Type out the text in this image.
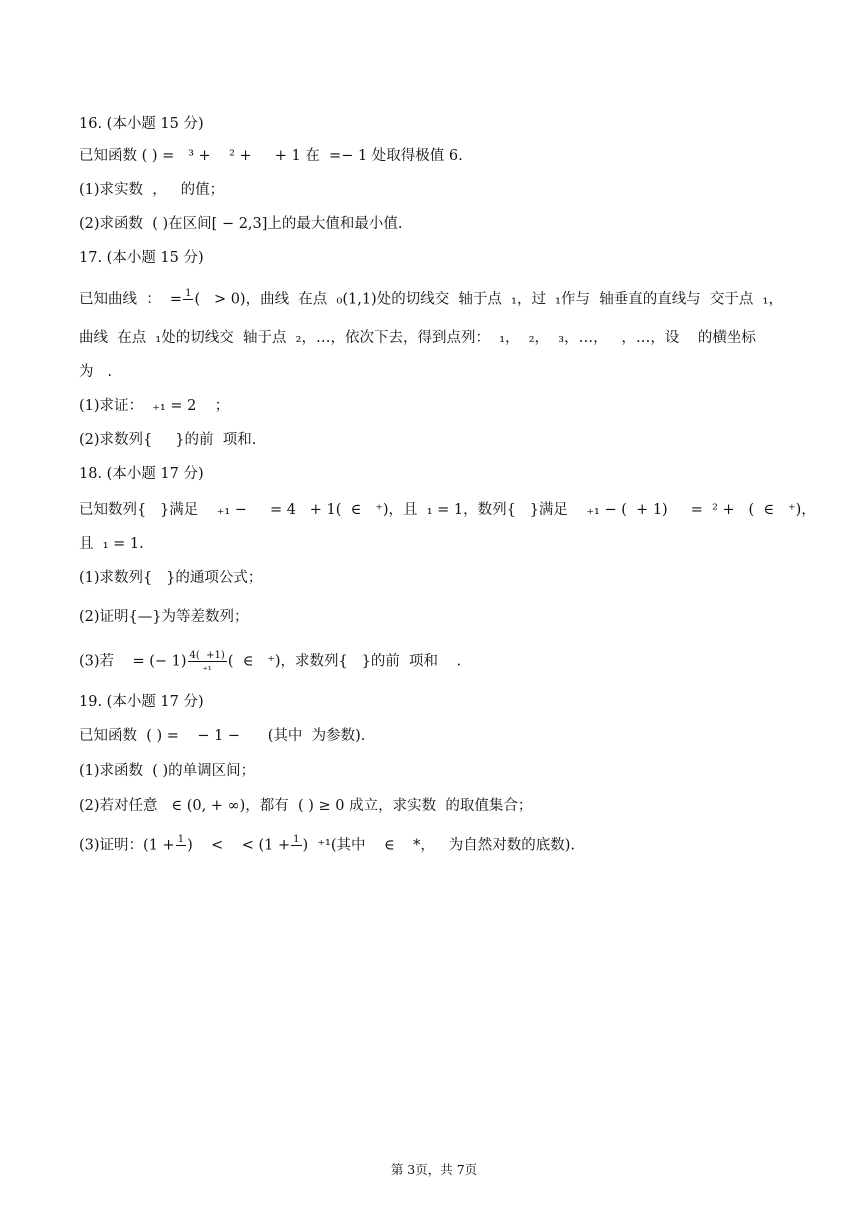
16. (本小题 15 分)
已知函数 ( ) =   ³ +    ² +     + 1 在  =− 1 处取得极值 6.
(1)求实数  ，   的值；
(2)求函数  ( )在区间[ − 2,3]上的最大值和最小值.
17. (本小题 15 分)
已知曲线  ：  = 1
(   > 0)，曲线  在点  ₀(1,1)处的切线交  轴于点  ₁，过  ₁作与  轴垂直的直线与  交于点  ₁，
曲线  在点  ₁处的切线交  轴于点  ₂，…，依次下去，得到点列：  ₁，  ₂，  ₃，…，   ，…，设    的横坐标
为   .
(1)求证：  ₊₁ = 2    ；
(2)求数列{     }的前  项和.
18. (本小题 17 分)
已知数列{   }满足    ₊₁ −     = 4   + 1(  ∈   ⁺)，且  ₁ = 1，数列{   }满足    ₊₁ − (  + 1)     =  ² +   (  ∈   ⁺)，
且  ₁ = 1.
(1)求数列{   }的通项公式；
(2)证明{—}为等差数列；
(3)若    = (− $1) \frac{4( +1)}{\text{₊₁}}$ (  ∈   ⁺)，求数列{   }的前  项和    .
19. (本小题 17 分)
已知函数  ( ) =    − 1 −      (其中  为参数).
(1)求函数  ( )的单调区间；
(2)若对任意   ∈ (0, + ∞)，都有  ( ) ≥ 0 成立，求实数  的取值集合；
(3)证明：(1 + 1
)    <    < (1 + 1
)  ⁺¹(其中    ∈    *，   为自然对数的底数).
第 3页，共 7页
